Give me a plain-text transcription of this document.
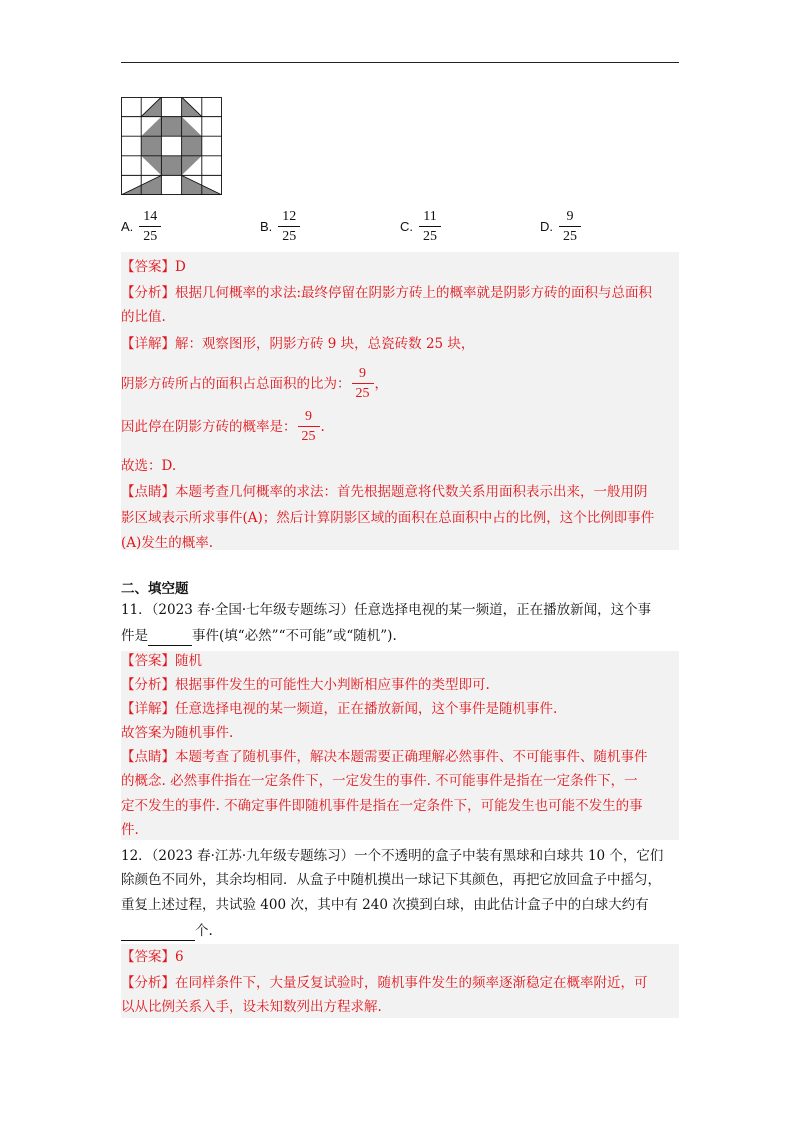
A. $\frac{14}{25}$	B. $\frac{12}{25}$	C. $\frac{11}{25}$	D. $\frac{9}{25}$
【答案】D
【分析】根据几何概率的求法:最终停留在阴影方砖上的概率就是阴影方砖的面积与总面积
的比值.
【详解】解：观察图形，阴影方砖 9 块，总瓷砖数 25 块，
阴影方砖所占的面积占总面积的比为： $\frac{9}{25}$ ，
因此停在阴影方砖的概率是： $\frac{9}{25}$ .
故选：D.
【点睛】本题考查几何概率的求法：首先根据题意将代数关系用面积表示出来，一般用阴
影区域表示所求事件(A)；然后计算阴影区域的面积在总面积中占的比例，这个比例即事件
(A)发生的概率.
二、填空题
11．（2023 春·全国·七年级专题练习）任意选择电视的某一频道，正在播放新闻，这个事
件是	事件(填“必然”“不可能”或“随机”).
【答案】随机
【分析】根据事件发生的可能性大小判断相应事件的类型即可.
【详解】任意选择电视的某一频道，正在播放新闻，这个事件是随机事件.
故答案为随机事件.
【点睛】本题考查了随机事件，解决本题需要正确理解必然事件、不可能事件、随机事件
的概念. 必然事件指在一定条件下，一定发生的事件. 不可能事件是指在一定条件下，一
定不发生的事件. 不确定事件即随机事件是指在一定条件下，可能发生也可能不发生的事
件.
12．（2023 春·江苏·九年级专题练习）一个不透明的盒子中装有黑球和白球共 10 个，它们
除颜色不同外，其余均相同．从盒子中随机摸出一球记下其颜色，再把它放回盒子中摇匀，
重复上述过程，共试验 400 次，其中有 240 次摸到白球，由此估计盒子中的白球大约有
个.
【答案】6
【分析】在同样条件下，大量反复试验时，随机事件发生的频率逐渐稳定在概率附近，可
以从比例关系入手，设未知数列出方程求解.
